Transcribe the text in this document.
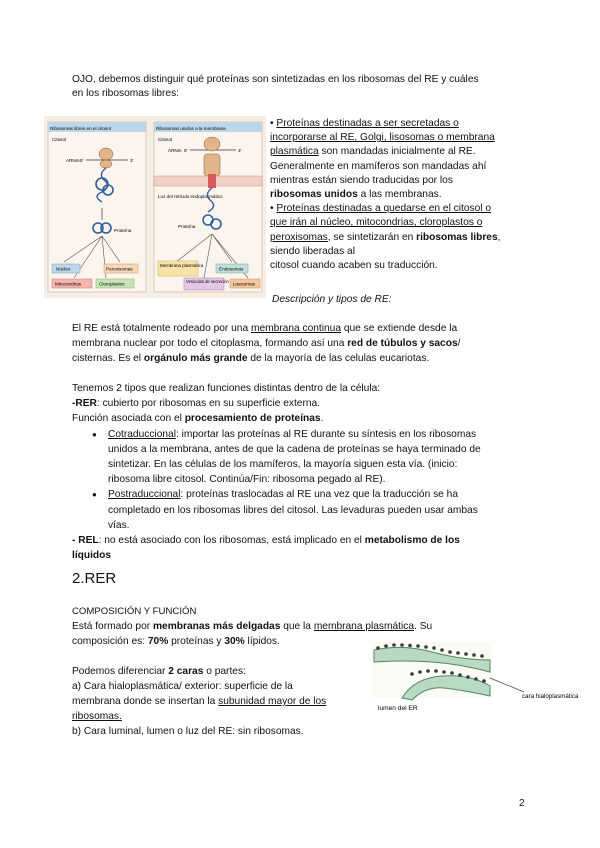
OJO, debemos distinguir qué proteínas son sintetizadas en los ribosomas del RE y cuáles
en los ribosomas libres:
Ribosomas libres en el citosol
Citosol
ARNm 5'	3'
Proteína
Núcleo	Peroxisomas
Mitocondrias	Cloroplastos
Ribosomas unidos a la membrana
Citosol
ARNm 5'	3'
Luz del retículo endoplasmático
Proteína
Membrana plasmática
Endosomas
Vesículas de secreción Lisosomas
• Proteínas destinadas a ser secretadas o
incorporarse al RE, Golgi, lisosomas o membrana
plasmática son mandadas inicialmente al RE.
Generalmente en mamíferos son mandadas ahí
mientras están siendo traducidas por los
ribosomas unidos a las membranas.
• Proteínas destinadas a quedarse en el citosol o
que irán al núcleo, mitocondrias, cloroplastos o
peroxisomas, se sintetizarán en ribosomas libres,
siendo liberadas al
citosol cuando acaben su traducción.
Descripción y tipos de RE:
El RE está totalmente rodeado por una membrana continua que se extiende desde la
membrana nuclear por todo el citoplasma, formando así una red de túbulos y sacos/
cisternas. Es el orgánulo más grande de la mayoría de las celulas eucariotas.
Tenemos 2 tipos que realizan funciones distintas dentro de la célula:
-RER: cubierto por ribosomas en su superficie externa.
Función asociada con el procesamiento de proteínas.
● Cotraduccional: importar las proteínas al RE durante su síntesis en los ribosomas
unidos a la membrana, antes de que la cadena de proteínas se haya terminado de
sintetizar. En las células de los mamíferos, la mayoría siguen esta vía. (inicio:
ribosoma libre citosol. Continúa/Fin: ribosoma pegado al RE).
● Postraduccional: proteínas traslocadas al RE una vez que la traducción se ha
completado en los ribosomas libres del citosol. Las levaduras pueden usar ambas
vías.
- REL: no está asociado con los ribosomas, está implicado en el metabolismo de los
líquidos
2.RER
COMPOSICIÓN Y FUNCIÓN
Está formado por membranas más delgadas que la membrana plasmática. Su
composición es: 70% proteínas y 30% lípidos.
Podemos diferenciar 2 caras o partes:
a) Cara hialoplasmática/ exterior: superficie de la
membrana donde se insertan la subunidad mayor de los
ribosomas.
b) Cara luminal, lumen o luz del RE: sin ribosomas.
cara hialoplasmática
lumen del ER
2
